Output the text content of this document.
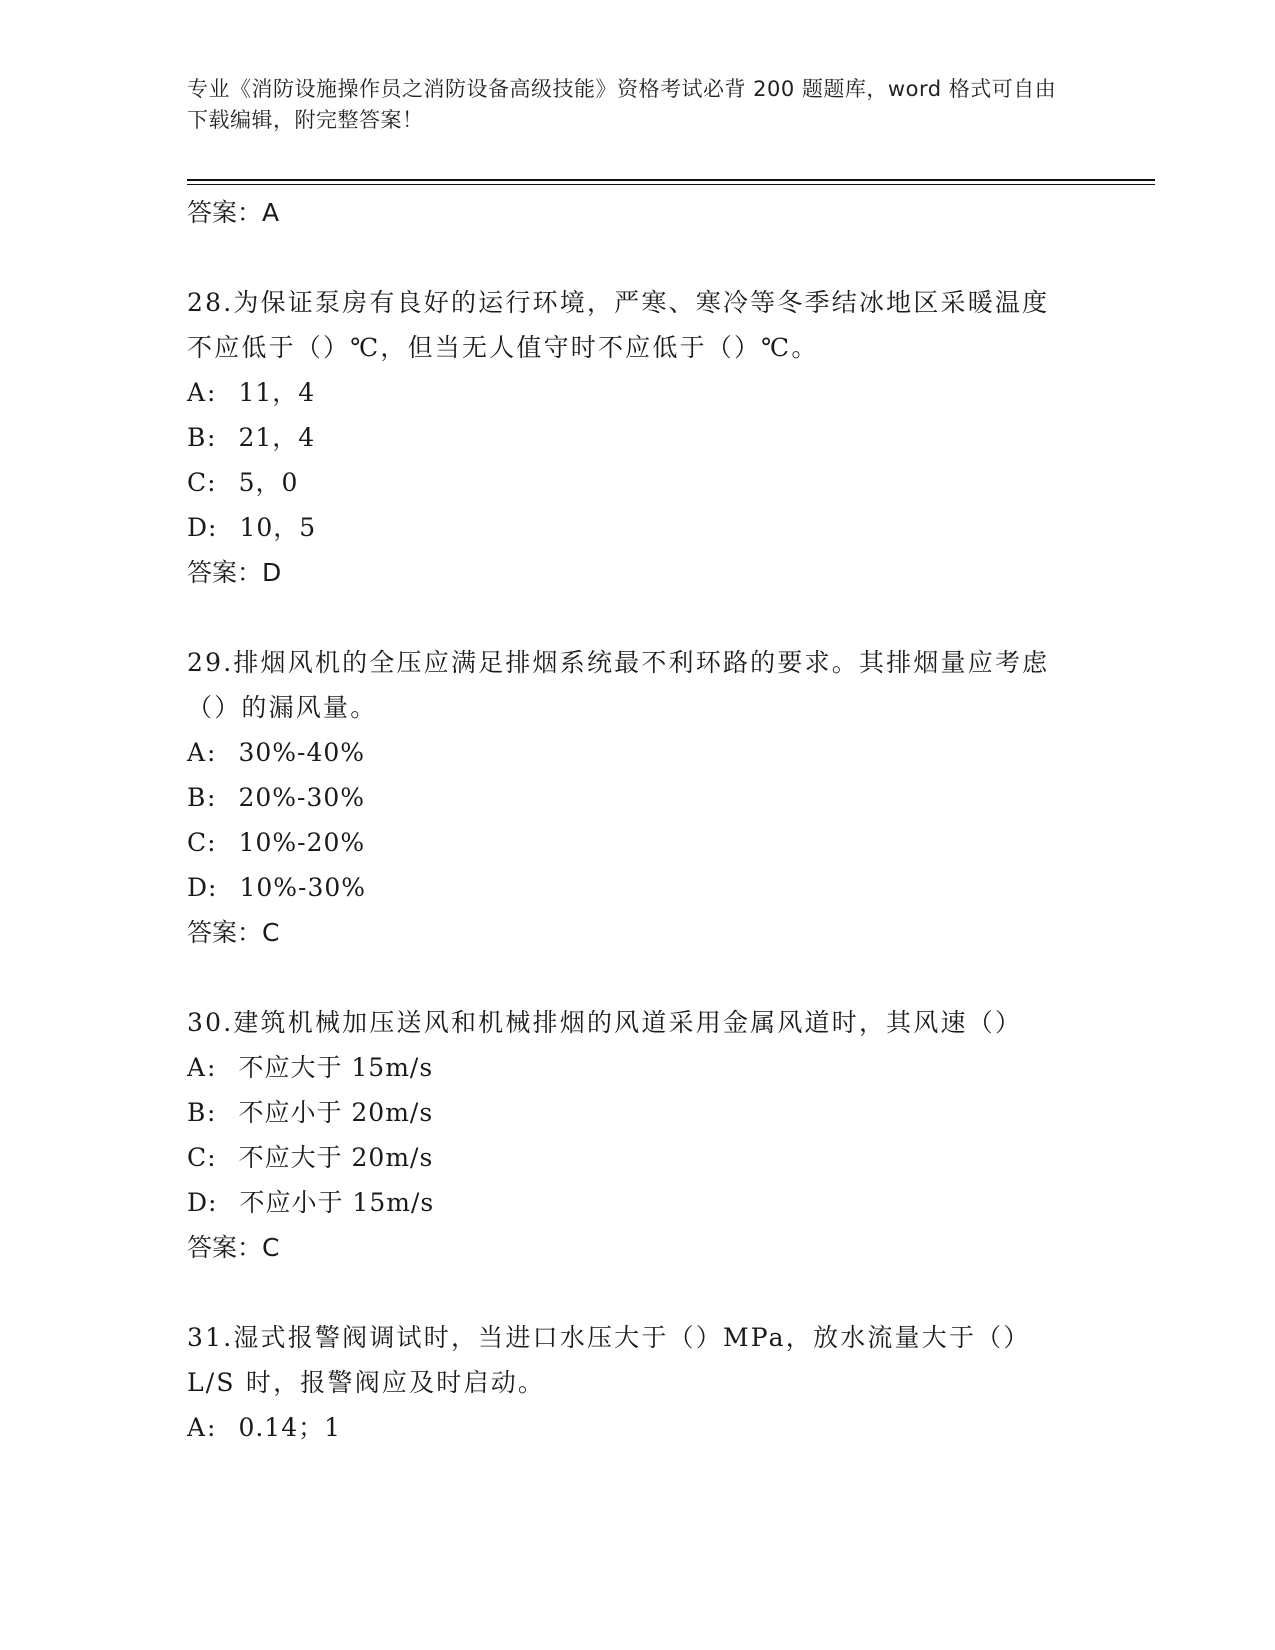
专业《消防设施操作员之消防设备高级技能》资格考试必背 200 题题库，word 格式可自由下载编辑，附完整答案！
答案：A
28.为保证泵房有良好的运行环境，严寒、寒冷等冬季结冰地区采暖温度不应低于（）℃，但当无人值守时不应低于（）℃。
A: 11，4
B: 21，4
C: 5，0
D: 10，5
答案：D
29.排烟风机的全压应满足排烟系统最不利环路的要求。其排烟量应考虑（）的漏风量。
A: 30%-40%
B: 20%-30%
C: 10%-20%
D: 10%-30%
答案：C
30.建筑机械加压送风和机械排烟的风道采用金属风道时，其风速（）
A: 不应大于 15m/s
B: 不应小于 20m/s
C: 不应大于 20m/s
D: 不应小于 15m/s
答案：C
31.湿式报警阀调试时，当进口水压大于（）MPa，放水流量大于（）L/S 时，报警阀应及时启动。
A: 0.14；1
